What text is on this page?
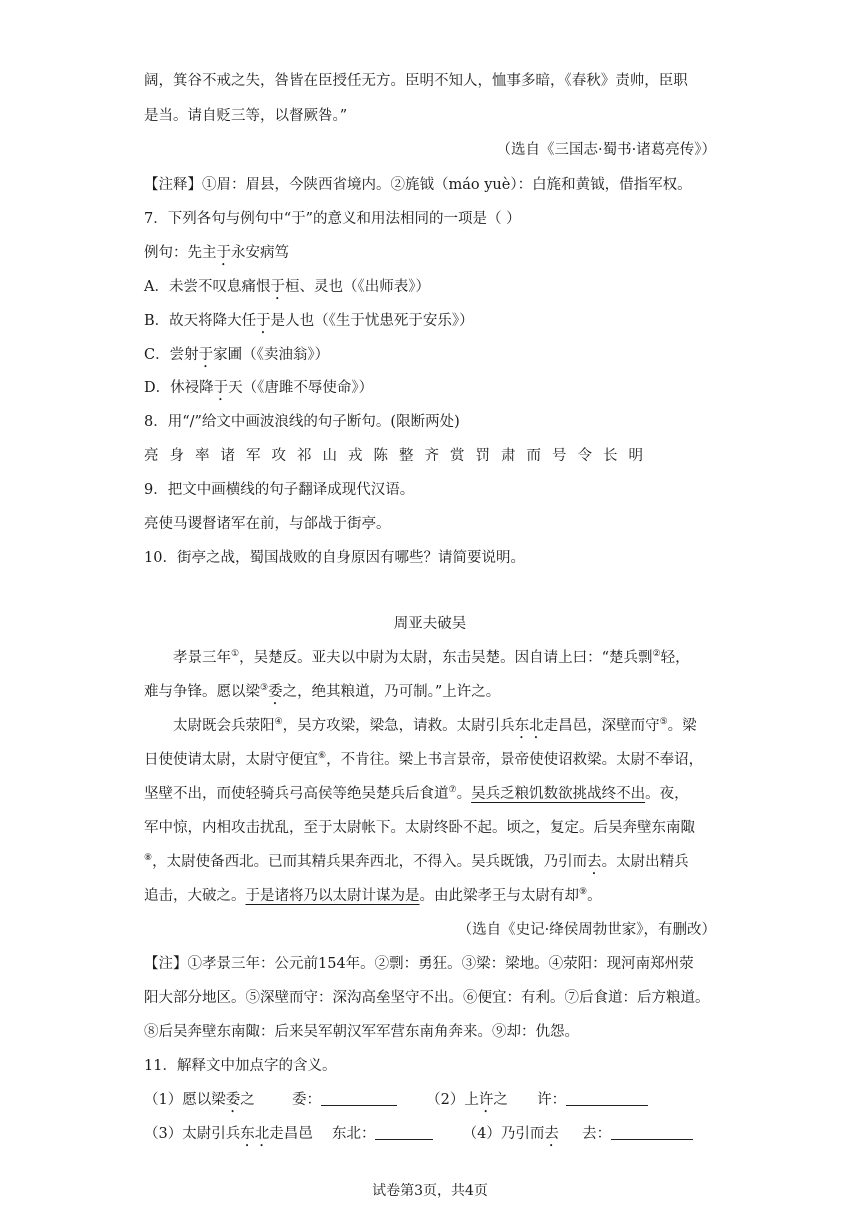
阔，箕谷不戒之失，咎皆在臣授任无方。臣明不知人，恤事多暗，《春秋》责帅，臣职
是当。请自贬三等，以督厥咎。”
（选自《三国志·蜀书·诸葛亮传》）
【注释】①眉：眉县，今陕西省境内。②旄钺（máo yuè）：白旄和黄钺，借指军权。
7．下列各句与例句中“于”的意义和用法相同的一项是（ ）
例句：先主于永安病笃
A．未尝不叹息痛恨于桓、灵也（《出师表》）
B．故天将降大任于是人也（《生于忧患死于安乐》）
C．尝射于家圃（《卖油翁》）
D．休祲降于天（《唐雎不辱使命》）
8．用“/”给文中画波浪线的句子断句。(限断两处)
亮身率诸军攻祁山戎陈整齐赏罚肃而号令长明
9．把文中画横线的句子翻译成现代汉语。
亮使马谡督诸军在前，与郃战于街亭。
10．街亭之战，蜀国战败的自身原因有哪些？请简要说明。
周亚夫破吴
孝景三年①，吴楚反。亚夫以中尉为太尉，东击吴楚。因自请上曰：“楚兵剽②轻，
难与争锋。愿以梁③委之，绝其粮道，乃可制。”上许之。
太尉既会兵荥阳④，吴方攻梁，梁急，请救。太尉引兵东北走昌邑，深壁而守⑤。梁
日使使请太尉，太尉守便宜⑥，不肯往。梁上书言景帝，景帝使使诏救梁。太尉不奉诏，
坚壁不出，而使轻骑兵弓高侯等绝吴楚兵后食道⑦。吴兵乏粮饥数欲挑战终不出。夜，
军中惊，内相攻击扰乱，至于太尉帐下。太尉终卧不起。顷之，复定。后吴奔壁东南陬
⑧，太尉使备西北。已而其精兵果奔西北，不得入。吴兵既饿，乃引而去。太尉出精兵
追击，大破之。于是诸将乃以太尉计谋为是。由此梁孝王与太尉有却⑨。
（选自《史记·绛侯周勃世家》，有删改）
【注】①孝景三年：公元前154年。②剽：勇狂。③梁：梁地。④荥阳：现河南郑州荥
阳大部分地区。⑤深壁而守：深沟高垒坚守不出。⑥便宜：有利。⑦后食道：后方粮道。
⑧后吴奔壁东南陬：后来吴军朝汉军军营东南角奔来。⑨却：仇怨。
11．解释文中加点字的含义。
（1）愿以梁委之	委：	（2）上许之 许：
（3）太尉引兵东北走昌邑 东北：	（4）乃引而去 去：
试卷第3页，共4页
